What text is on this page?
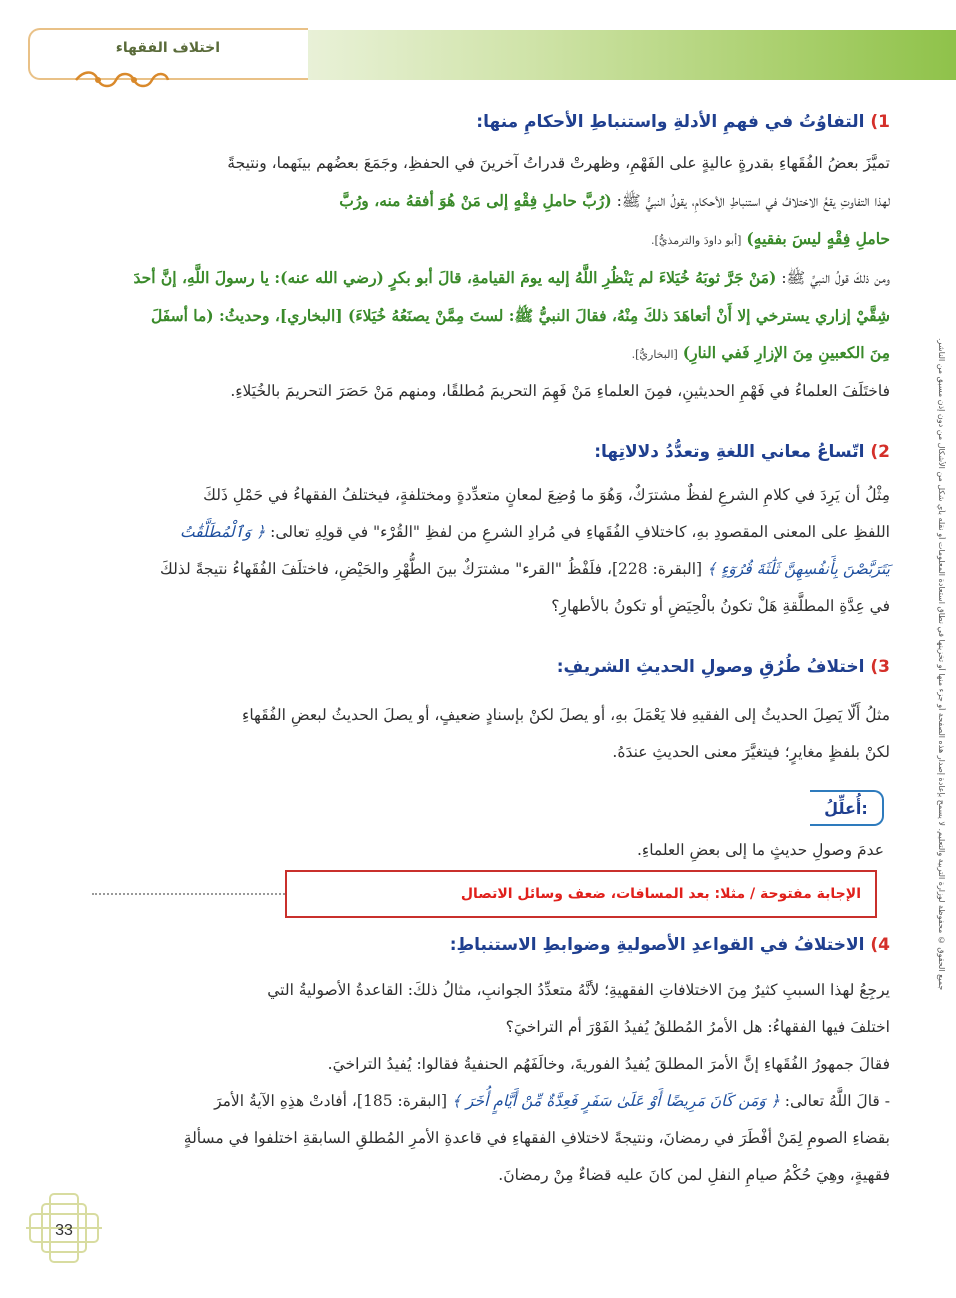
اختلاف الفقهاء
جميع الحقوق © محفوظة لوزارة التربية والتعليم. لا يسمح بإعادة إصدار هذه الصفحة أو جزء منها أو تخزينها في نطاق استعادة المعلومات أو نقله بأي شكل من الأشكال من دون إذن مسبق من الناشر.
1) التفاوُتُ في فهمِ الأدلةِ واستنباطِ الأحكامِ منها:
تميَّزَ بعضُ الفُقَهاءِ بقدرةٍ عاليةٍ على الفَهْمِ، وظهرتْ قدراتُ آخرينَ في الحفظِ، وجَمَعَ بعضُهم بينَهما، ونتيجةً
لهذا التفاوتِ يقعُ الاختلافُ في استنباطِ الأحكامِ، يقولُ النبيُّ ﷺ: (رُبَّ حاملِ فِقْهٍ إلى مَنْ هُوَ أفقهُ منه، ورُبَّ
حاملِ فِقْهٍ ليسَ بفقيهٍ) [أبو داودَ والترمذيُّ].
ومن ذلكَ قولُ النبيِّ ﷺ: (مَنْ جَرَّ ثوبَهُ خُيَلاءَ لم يَنْظُرِ اللَّهُ إليه يومَ القيامةِ، قالَ أبو بكرٍ (رضي الله عنه): يا رسولَ اللَّهِ، إنَّ أحدَ
شِقَّيْ إزاري يسترخي إلا أَنْ أتعاهَدَ ذلكَ مِنْهُ، فقالَ النبيُّ ﷺ: لستَ مِمَّنْ يصنَعُهُ خُيَلاءَ) [البخاري]، وحديثُ: (ما أسفَلَ
مِنَ الكعبينِ مِنَ الإزارِ فَفي النارِ) [البخاريُّ].
فاختَلَفَ العلماءُ في فَهْمِ الحديثينِ، فمِنَ العلماءِ مَنْ فَهِمَ التحريمَ مُطلقًا، ومنهم مَنْ حَصَرَ التحريمَ بالخُيَلاءِ.
2) اتّساعُ معاني اللغةِ وتعدُّدُ دلالاتِها:
مِثْلُ أن يَرِدَ في كلامِ الشرعِ لفظٌ مشترَكٌ، وَهُوَ ما وُضِعَ لمعانٍ متعدِّدةٍ ومختلفةٍ، فيختلفُ الفقهاءُ في حَمْلِ ذَلكَ
اللفظِ على المعنى المقصودِ بهِ، كاختلافِ الفُقَهاءِ في مُرادِ الشرعِ من لفظِ "القُرْء" في قولِهِ تعالى: ﴿ وَٱلْمُطَلَّقَٰتُ
يَتَرَبَّصْنَ بِأَنفُسِهِنَّ ثَلَٰثَةَ قُرُوٓءٍ ﴾ [البقرة: 228]، فلَفْظُ "القرء" مشترَكٌ بينَ الطُّهْرِ والحَيْضِ، فاختلَفَ الفُقَهاءُ نتيجةً لذلكَ
في عِدَّةِ المطلَّقةِ هَلْ تكونُ بالْحِيَضِ أو تكونُ بالأطهارِ؟
3) اختلافُ طُرُقِ وصولِ الحديثِ الشريفِ:
مثلُ أَلّا يَصِلَ الحديثُ إلى الفقيهِ فلا يَعْمَلَ بهِ، أو يصلَ لكنْ بإسنادٍ ضعيفٍ، أو يصلَ الحديثُ لبعضِ الفُقَهاءِ
لكنْ بلفظٍ مغايرٍ؛ فيتغيَّرَ معنى الحديثِ عندَهُ.
أُعلِّلُ:
عدمَ وصولِ حديثٍ ما إلى بعضِ العلماءِ.
الإجابة مفتوحة / مثلا: بعد المسافات، ضعف وسائل الاتصال
4) الاختلافُ في القواعدِ الأصوليةِ وضوابطِ الاستنباطِ:
يرجِعُ لهذا السببِ كثيرٌ مِنَ الاختلافاتِ الفقهيةِ؛ لأنَّهُ متعدِّدُ الجوانبِ، مثالُ ذلكَ: القاعدةُ الأصوليةُ التي
اختلفَ فيها الفقهاءُ: هل الأمرُ المُطلقُ يُفيدُ الفَوْرَ أم التراخيَ؟
فقالَ جمهورُ الفُقَهاءِ إنَّ الأمرَ المطلقَ يُفيدُ الفوريةَ، وخالَفَهُم الحنفيةُ فقالوا: يُفيدُ التراخيَ.
- قالَ اللَّهُ تعالى: ﴿ وَمَن كَانَ مَرِيضًا أَوْ عَلَىٰ سَفَرٍ فَعِدَّةٌ مِّنْ أَيَّامٍ أُخَرَ ﴾ [البقرة: 185]، أفادتْ هذِهِ الآيةُ الأمرَ
بقضاءِ الصومِ لِمَنْ أفْطَرَ في رمضانَ، ونتيجةً لاختلافِ الفقهاءِ في قاعدةِ الأمرِ المُطلقِ السابقةِ اختلفوا في مسألةٍ
فقهيةٍ، وهِيَ حُكْمُ صيامِ النفلِ لمن كانَ عليه قضاءٌ مِنْ رمضانَ.
33
